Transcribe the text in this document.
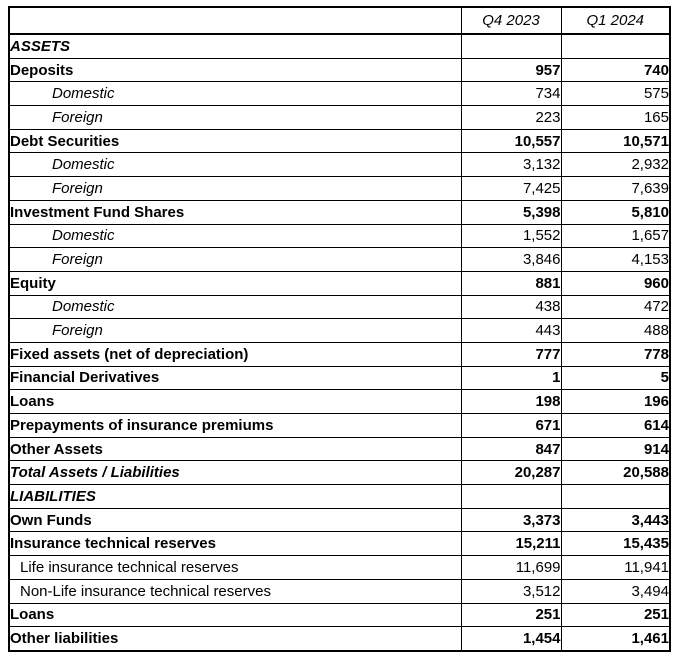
	Q4 2023	Q1 2024
ASSETS		
Deposits	957	740
Domestic	734	575
Foreign	223	165
Debt Securities	10,557	10,571
Domestic	3,132	2,932
Foreign	7,425	7,639
Investment Fund Shares	5,398	5,810
Domestic	1,552	1,657
Foreign	3,846	4,153
Equity	881	960
Domestic	438	472
Foreign	443	488
Fixed assets (net of depreciation)	777	778
Financial Derivatives	1	5
Loans	198	196
Prepayments of insurance premiums	671	614
Other Assets	847	914
Total Assets / Liabilities	20,287	20,588
LIABILITIES		
Own Funds	3,373	3,443
Insurance technical reserves	15,211	15,435
Life insurance technical reserves	11,699	11,941
Non-Life insurance technical reserves	3,512	3,494
Loans	251	251
Other liabilities	1,454	1,461
